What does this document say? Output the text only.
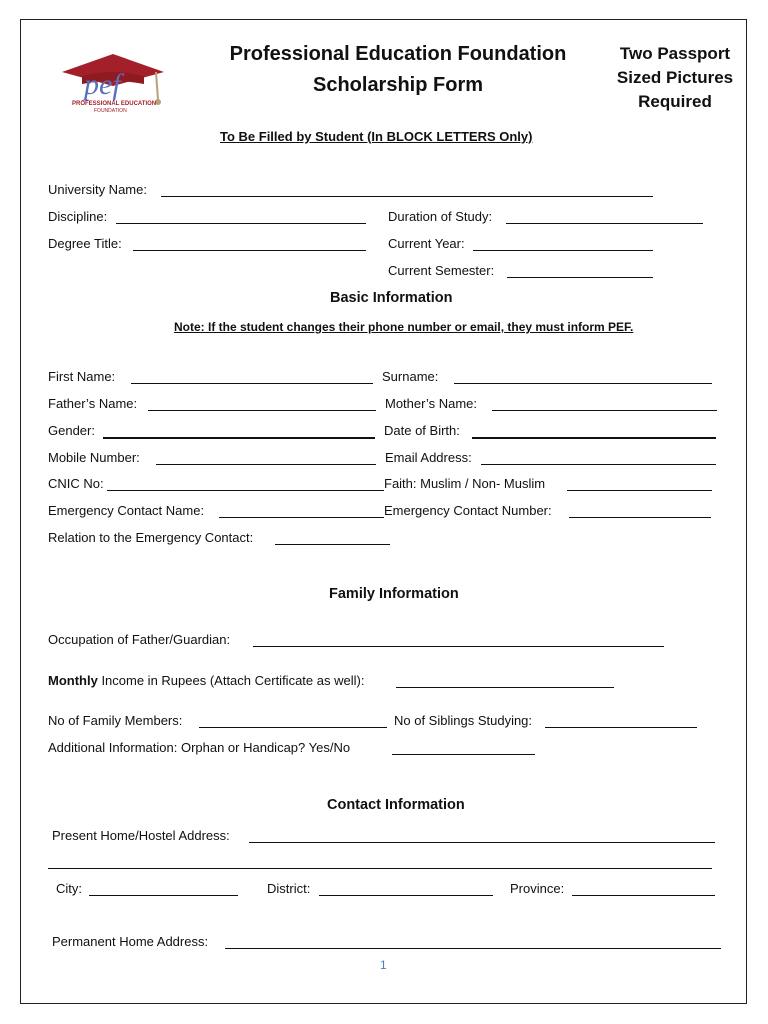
pef
PROFESSIONAL EDUCATION
FOUNDATION
Professional Education Foundation
Scholarship Form
Two Passport
Sized Pictures
Required
To Be Filled by Student (In BLOCK LETTERS Only)
University Name:
Discipline:	Duration of Study:
Degree Title:	Current Year:
Current Semester:
Basic Information
Note: If the student changes their phone number or email, they must inform PEF.
First Name:	Surname:
Father’s Name:	Mother’s Name:
Gender:	Date of Birth:
Mobile Number:	Email Address:
CNIC No:	Faith: Muslim / Non- Muslim
Emergency Contact Name:	Emergency Contact Number:
Relation to the Emergency Contact:
Family Information
Occupation of Father/Guardian:
Monthly Income in Rupees (Attach Certificate as well):
No of Family Members:	No of Siblings Studying:
Additional Information: Orphan or Handicap? Yes/No
Contact Information
Present Home/Hostel Address:
City:	District:	Province:
Permanent Home Address:
1
